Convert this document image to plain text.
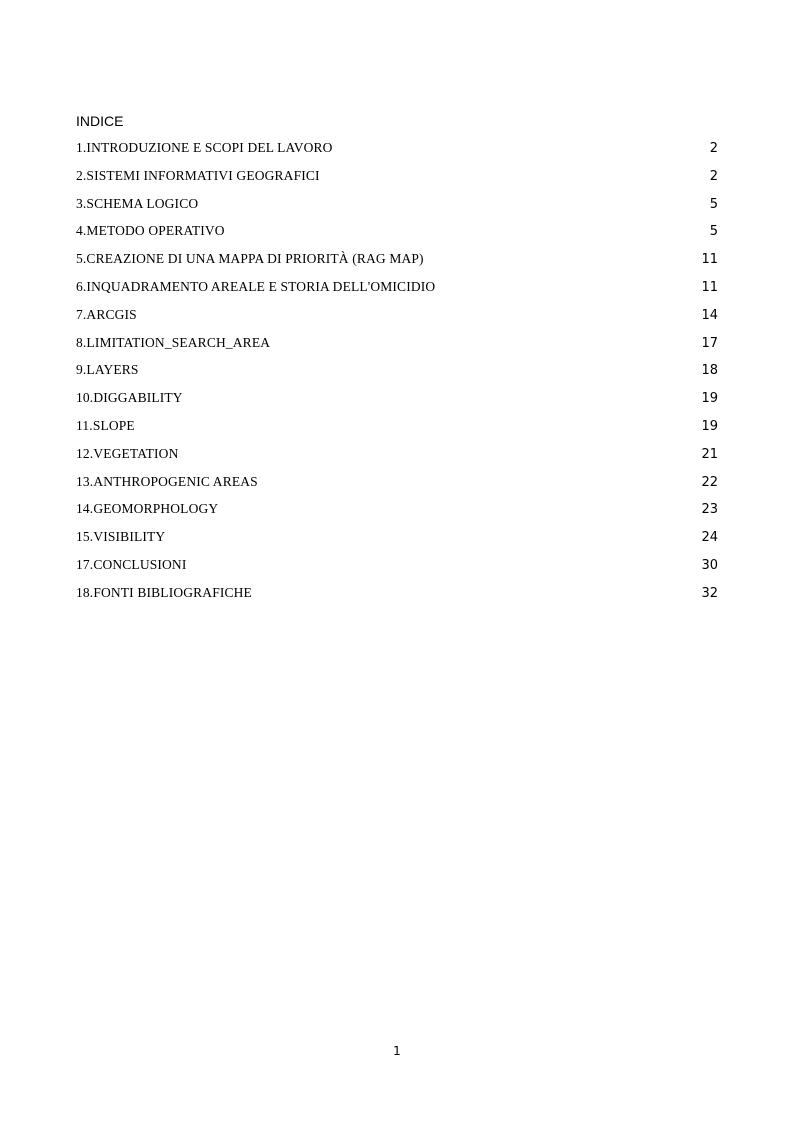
INDICE
1.INTRODUZIONE E SCOPI DEL LAVORO	2
2.SISTEMI INFORMATIVI GEOGRAFICI	2
3.SCHEMA LOGICO	5
4.METODO OPERATIVO	5
5.CREAZIONE DI UNA MAPPA DI PRIORITÀ (RAG MAP)	11
6.INQUADRAMENTO AREALE E STORIA DELL'OMICIDIO	11
7.ARCGIS	14
8.LIMITATION_SEARCH_AREA	17
9.LAYERS	18
10.DIGGABILITY	19
11.SLOPE	19
12.VEGETATION	21
13.ANTHROPOGENIC AREAS	22
14.GEOMORPHOLOGY	23
15.VISIBILITY	24
17.CONCLUSIONI	30
18.FONTI BIBLIOGRAFICHE	32
1
